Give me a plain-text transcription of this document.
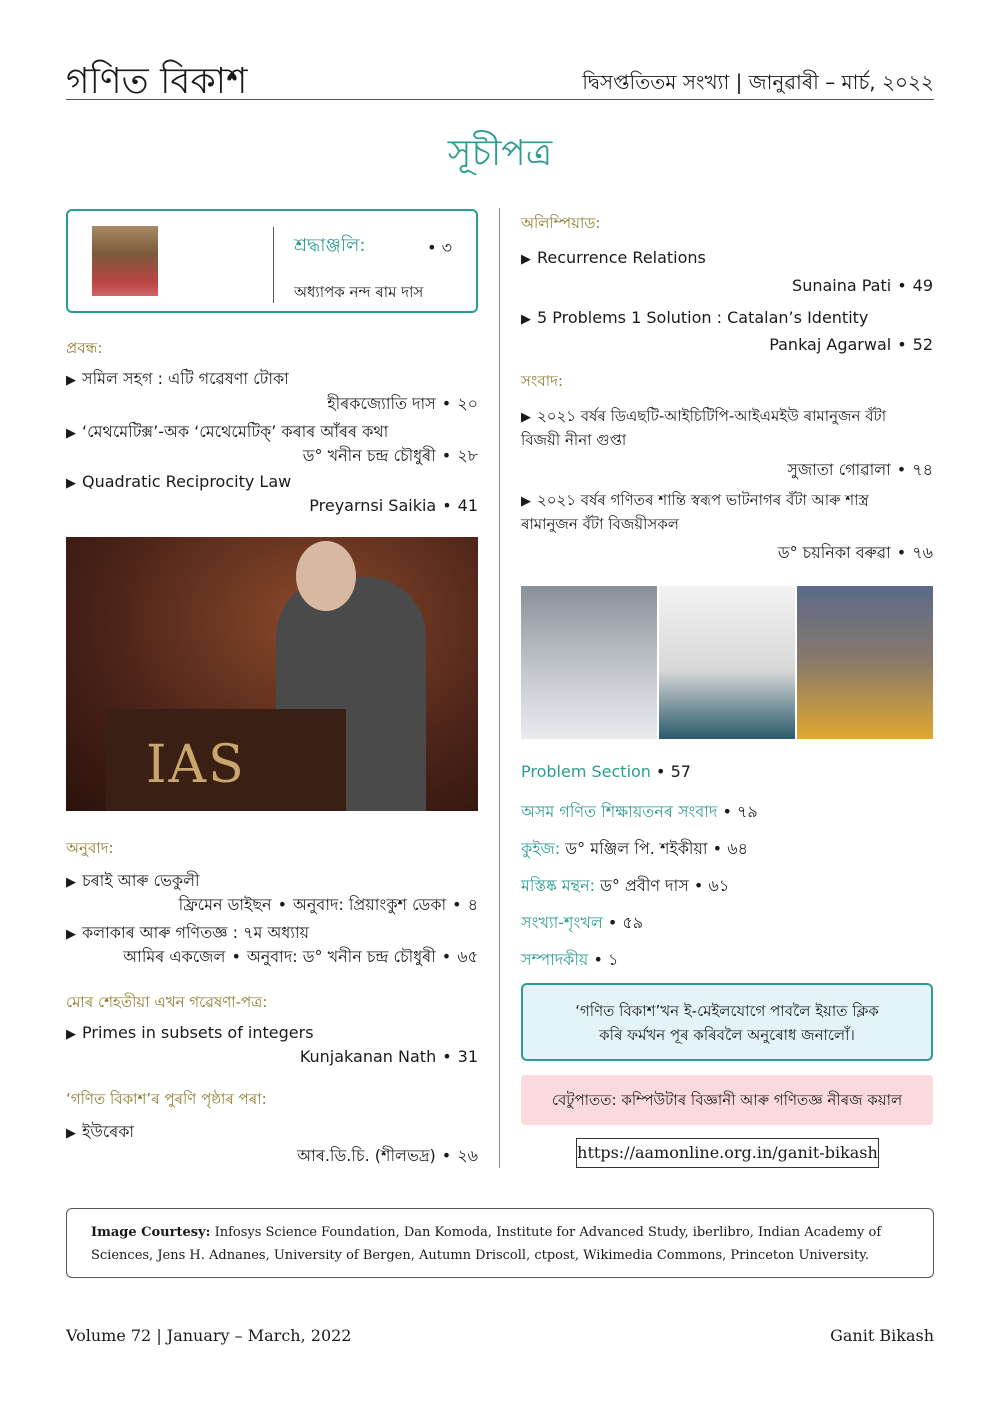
গণিত বিকাশ	দ্বিসপ্ততিতম সংখ্যা | জানুৱাৰী – মাৰ্চ, ২০২২
সূচীপত্ৰ
শ্ৰদ্ধাঞ্জলি:	• ৩
অধ্যাপক নন্দ ৰাম দাস
প্ৰবন্ধ:
▶ সমিল সহগ : এটি গৱেষণা টোকা
হীৰকজ্যোতি দাস • ২০
▶ ‘মেথমেটিক্স’-অক ‘মেথেমেটিক্’ কৰাৰ আঁৰৰ কথা
ড° খনীন চন্দ্ৰ চৌধুৰী • ২৮
▶ Quadratic Reciprocity Law
Preyarnsi Saikia • 41
অনুবাদ:
▶ চৰাই আৰু ভেকুলী
ফ্ৰিমেন ডাইছন • অনুবাদ: প্ৰিয়াংকুশ ডেকা • ৪
▶ কলাকাৰ আৰু গণিতজ্ঞ : ৭ম অধ্যায়
আমিৰ একজেল • অনুবাদ: ড° খনীন চন্দ্ৰ চৌধুৰী • ৬৫
মোৰ শেহতীয়া এখন গৱেষণা-পত্ৰ:
▶ Primes in subsets of integers
Kunjakanan Nath • 31
‘গণিত বিকাশ’ৰ পুৰণি পৃষ্ঠাৰ পৰা:
▶ ইউৰেকা
আৰ.ডি.চি. (শীলভদ্ৰ) • ২৬
IAS
অলিম্পিয়াড:
▶ Recurrence Relations
Sunaina Pati • 49
▶ 5 Problems 1 Solution : Catalan’s Identity
Pankaj Agarwal • 52
সংবাদ:
▶ ২০২১ বৰ্ষৰ ডিএছটি-আইচিটিপি-আইএমইউ ৰামানুজন বঁটা
বিজয়ী নীনা গুপ্তা
সুজাতা গোৱালা • ৭৪
▶ ২০২১ বৰ্ষৰ গণিতৰ শান্তি স্বৰূপ ভাটনাগৰ বঁটা আৰু শাস্ত্ৰ
ৰামানুজন বঁটা বিজয়ীসকল
ড° চয়নিকা বৰুৱা • ৭৬
Problem Section • 57
অসম গণিত শিক্ষায়তনৰ সংবাদ • ৭৯
কুইজ: ড° মঞ্জিল পি. শইকীয়া • ৬৪
মস্তিষ্ক মন্থন: ড° প্ৰবীণ দাস • ৬১
সংখ্যা-শৃংখল • ৫৯
সম্পাদকীয় • ১
‘গণিত বিকাশ’খন ই-মেইলযোগে পাবলৈ ইয়াত ক্লিক
কৰি ফৰ্মখন পূৰ কৰিবলৈ অনুৰোধ জনালোঁ।
বেটুপাতত: কম্পিউটাৰ বিজ্ঞানী আৰু গণিতজ্ঞ নীৰজ কয়াল
https://aamonline.org.in/ganit-bikash
Image Courtesy: Infosys Science Foundation, Dan Komoda, Institute for Advanced Study, iberlibro, Indian Academy of Sciences, Jens H. Adnanes, University of Bergen, Autumn Driscoll, ctpost, Wikimedia Commons, Princeton University.
Volume 72 | January – March, 2022	Ganit Bikash
